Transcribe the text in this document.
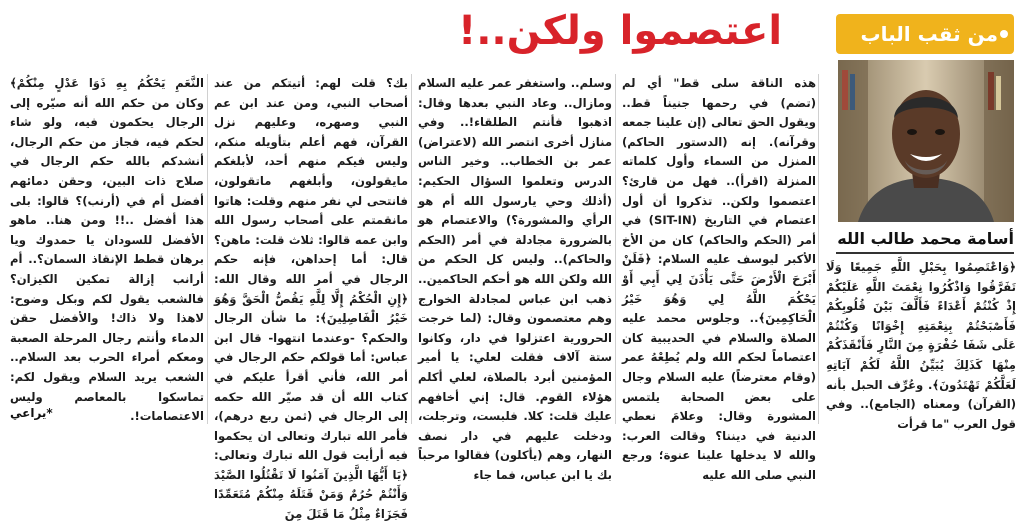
اعتصموا ولكن..!	من ثقب الباب
أسامة محمد طالب الله

﴿وَاعْتَصِمُوا بِحَبْلِ اللَّهِ جَمِيعًا وَلَا تَفَرَّقُوا وَاذْكُرُوا نِعْمَتَ اللَّهِ عَلَيْكُمْ إِذْ كُنْتُمْ أَعْدَاءً فَأَلَّفَ بَيْنَ قُلُوبِكُمْ فَأَصْبَحْتُمْ بِنِعْمَتِهِ إِخْوَانًا وَكُنْتُمْ عَلَى شَفَا حُفْرَةٍ مِنَ النَّارِ فَأَنْقَذَكُمْ مِنْهَا كَذَلِكَ يُبَيِّنُ اللَّهُ لَكُمْ آيَاتِهِ لَعَلَّكُمْ تَهْتَدُونَ﴾. وعُرِّف الحبل بأنه (القرآن) ومعناه (الجامع).. وفي قول العرب "ما قرأت

هذه الناقة سلى قط" أي لم (تضم) في رحمها جنيناً قط.. ويقول الحق تعالى (إن علينا جمعه وقرآنه). إنه (الدستور الحاكم) المنزل من السماء وأول كلماته المنزلة (اقرأ).. فهل من قارئ؟ اعتصموا ولكن.. تذكروا أن أول اعتصام في التاريخ (SIT-IN) في أمر (الحكم والحاكم) كان من الأخ الأكبر ليوسف عليه السلام: ﴿فَلَنْ أَبْرَحَ الْأَرْضَ حَتَّى يَأْذَنَ لِي أَبِي أَوْ يَحْكُمَ اللَّهُ لِي وَهُوَ خَيْرُ الْحَاكِمِينَ﴾.. وجلوس محمد عليه الصلاة والسلام في الحديبية كان اعتصاماً لحكم الله ولم يُطِعْهُ عمر (وقام معترضاً) عليه السلام وجال على بعض الصحابة يلتمس المشورة وقال: وعلامَ نعطي الدنية في ديننا؟ وقالت العرب: والله لا يدخلها علينا عنوة؛ ورجع النبي صلى الله عليه

وسلم.. واستغفر عمر عليه السلام ومازال.. وعاد النبي بعدها وقال: اذهبوا فأنتم الطلقاء!.. وفي منازل أخرى انتصر الله (لاعتراض) عمر بن الخطاب.. وخير الناس الدرس وتعلموا السؤال الحكيم: (أذلك وحي يارسول الله أم هو الرأي والمشورة؟) والاعتصام هو بالضرورة مجادلة في أمر (الحكم والحاكم).. وليس كل الحكم من الله ولكن الله هو أحكم الحاكمين.. ذهب ابن عباس لمجادلة الخوارج وهم معتصمون وقال: (لما خرجت الحرورية اعتزلوا في دار، وكانوا ستة آلاف فقلت لعلي: يا أمير المؤمنين أبرد بالصلاة، لعلي أكلم هؤلاء القوم. قال: إني أخافهم عليك قلت: كلا. فلبست، وترجلت، ودخلت عليهم في دار نصف النهار، وهم (يأكلون) فقالوا مرحباً بك يا ابن عباس، فما جاء

بك؟ قلت لهم: أتيتكم من عند أصحاب النبي، ومن عند ابن عم النبي وصهره، وعليهم نزل القرآن، فهم أعلم بتأويله منكم، وليس فيكم منهم أحد، لأبلغكم مايقولون، وأبلغهم ماتقولون، فانتحى لي نفر منهم وقلت: هاتوا مانقمتم على أصحاب رسول الله وابن عمه قالوا: ثلاث قلت: ماهن؟ قال: أما إحداهن، فإنه حكم الرجال في أمر الله وقال الله: ﴿إِنِ الْحُكْمُ إِلَّا لِلَّهِ يَقُصُّ الْحَقَّ وَهُوَ خَيْرُ الْفَاصِلِينَ﴾: ما شأن الرجال والحكم؟ -وعندما انتهوا- قال ابن عباس: أما قولكم حكم الرجال في أمر الله، فأني أقرأ عليكم في كتاب الله أن قد صيّر الله حكمه إلى الرجال في (ثمن ربع درهم)، فأمر الله تبارك وتعالى ان يحكموا فيه أرأيت قول الله تبارك وتعالى: ﴿يَا أَيُّهَا الَّذِينَ آمَنُوا لَا تَقْتُلُوا الصَّيْدَ وَأَنْتُمْ حُرُمٌ وَمَنْ قَتَلَهُ مِنْكُمْ مُتَعَمِّدًا فَجَزَاءٌ مِثْلُ مَا قَتَلَ مِنَ

النَّعَمِ يَحْكُمُ بِهِ ذَوَا عَدْلٍ مِنْكُمْ﴾ وكان من حكم الله أنه صيّره إلى الرجال يحكمون فيه، ولو شاء لحكم فيه، فجاز من حكم الرجال، أنشدكم بالله حكم الرجال في صلاح ذات البين، وحقن دمائهم أفضل أم في (أرنب)؟ قالوا: بلى هذا أفضل ..!! ومن هنا.. ماهو الأفضل للسودان يا حمدوك ويا برهان قطط الإنقاذ السمان؟.. أم أرانب إزالة تمكين الكيزان؟ فالشعب يقول لكم وبكل وضوح: لاهذا ولا ذاك! والأفضل حقن الدماء وأنتم رجال المرحلة الصعبة ومعكم أمراء الحرب بعد السلام.. الشعب يريد السلام ويقول لكم: تماسكوا بالمعاصم وليس الاعتصامات!.

*يراعي
